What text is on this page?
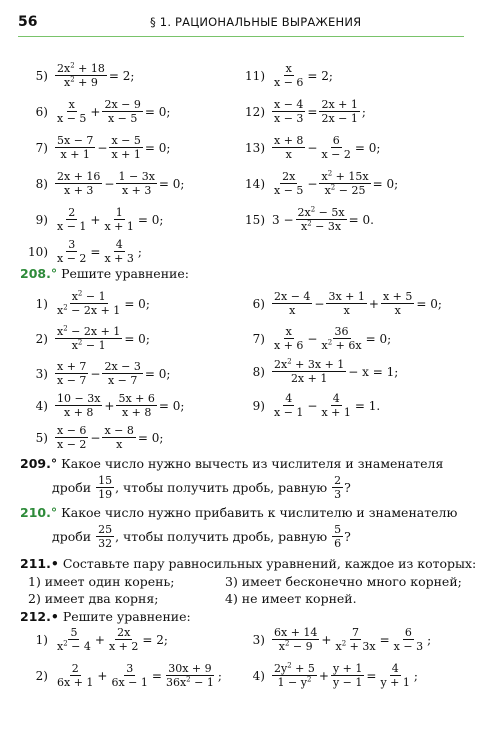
56	§ 1. РАЦИОНАЛЬНЫЕ ВЫРАЖЕНИЯ
$5) \frac{2x^2 + 18}{x^2 + 9} = 2$;
6) x
$x - 5 + \frac{2x - 9}{x - 5} = 0$;
7) 5x − 7
$x + 1 - \frac{x - 5}{x + 1} = 0$;
8) 2x + 16
$x + 3 - \frac{1 - 3x}{x + 3} = 0$;
9) 2
$x - 1 + \frac{1}{x + 1} = 0$;
$10) \frac{3}{x - 2} = \frac{4}{x + 3}$ ;
$11) \frac{x}{x - 6} = 2$;
$12) \frac{x - 4}{x - 3} = \frac{2x + 1}{2x - 1}$ ;
13) x + 8
$x - \frac{6}{x - 2} = 0$;
14) 2x
$x - 5 - \frac{x^2 + 15x}{x^2 - 25} = 0$;
15) $3 - \frac{2x^2 - 5x}{x^2 - 3x} = 0$.
208.° Решите уравнение:
$1) \frac{x^2 - 1}{x^2 - 2x + 1} = 0$;
$2) \frac{x^2 - 2x + 1}{x^2 - 1} = 0$;
3) x + 7
$x - 7 - \frac{2x - 3}{x - 7} = 0$;
4) 10 − 3x
$x + 8 + \frac{5x + 6}{x + 8} = 0$;
5) x − 6
$x - 2 - \frac{x - 8}{x} = 0$;
6) 2x − 4
$x - \frac{3x + 1}{x} + \frac{x + 5}{x} = 0$;
7) x
$x + 6 - \frac{36}{x^2 + 6x} = 0$;
8) $2x^2 + 3x + 1$
2x + 1 − x = 1;
9) 4
$x - 1 - \frac{4}{x + 1} = 1$.
209.° Какое число нужно вычесть из числителя и знаменателя
дроби
15
19 , чтобы получить дробь, равную
2
3 ?
210.° Какое число нужно прибавить к числителю и знаменателю
дроби
25
32 , чтобы получить дробь, равную
5
6 ?
211.• Составьте пару равносильных уравнений, каждое из которых:
1) имеет один корень;	3) имеет бесконечно много корней;
2) имеет два корня;	4) не имеет корней.
212.• Решите уравнение:
1) 5
$x^2 - 4 + \frac{2x}{x + 2} = 2$;
2) 2
$6x + 1 + \frac{3}{6x - 1} = \frac{30x + 9}{36x^2 - 1}$ ;
3) 6x + 14
$x^2 - 9 + \frac{7}{x^2 + 3x} = \frac{6}{x - 3}$ ;
4) $2y^2 + 5$
$1 - y^2 + \frac{y + 1}{y - 1} = \frac{4}{y + 1}$ ;
